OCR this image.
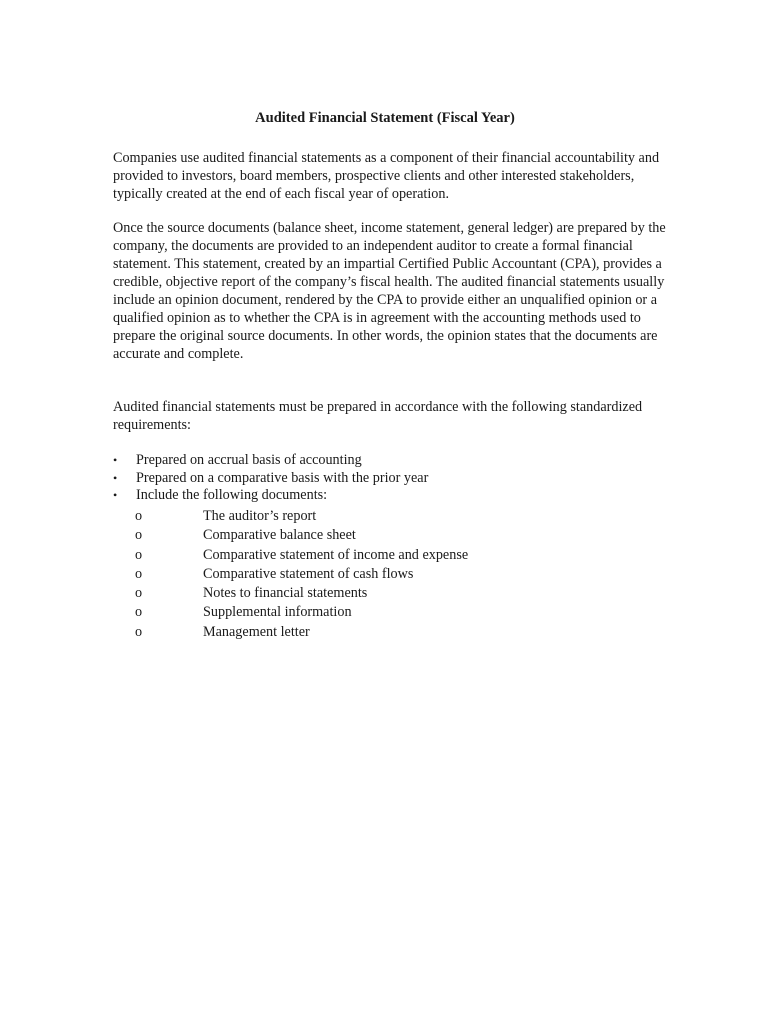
Audited Financial Statement (Fiscal Year)

Companies use audited financial statements as a component of their financial accountability and provided to investors, board members, prospective clients and other interested stakeholders, typically created at the end of each fiscal year of operation.

Once the source documents (balance sheet, income statement, general ledger) are prepared by the company, the documents are provided to an independent auditor to create a formal financial statement. This statement, created by an impartial Certified Public Accountant (CPA), provides a credible, objective report of the company’s fiscal health. The audited financial statements usually include an opinion document, rendered by the CPA to provide either an unqualified opinion or a qualified opinion as to whether the CPA is in agreement with the accounting methods used to prepare the original source documents. In other words, the opinion states that the documents are accurate and complete.

Audited financial statements must be prepared in accordance with the following standardized requirements:

•	Prepared on accrual basis of accounting
•	Prepared on a comparative basis with the prior year
•	Include the following documents:
o	The auditor’s report
o	Comparative balance sheet
o	Comparative statement of income and expense
o	Comparative statement of cash flows
o	Notes to financial statements
o	Supplemental information
o	Management letter
